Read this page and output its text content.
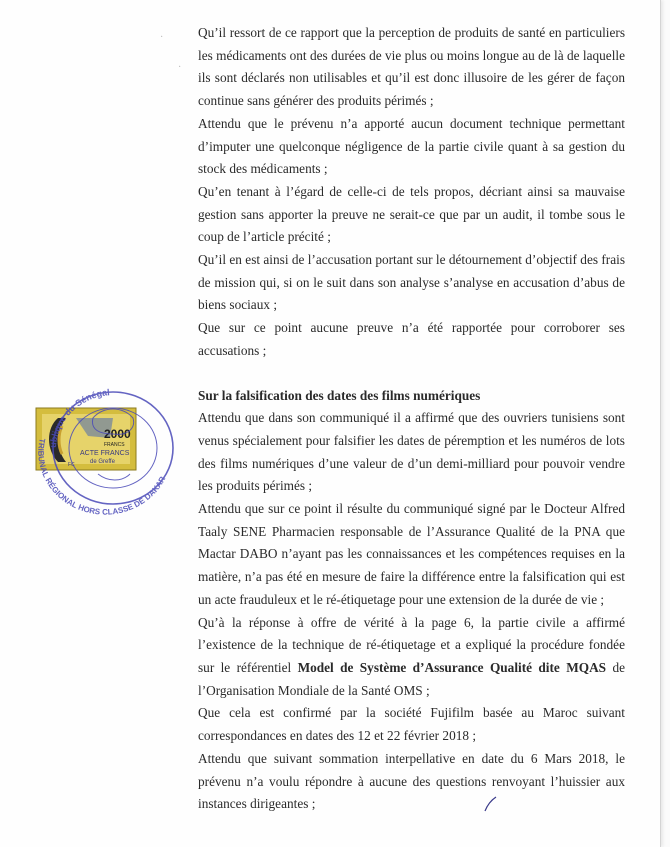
·
·

Qu’il ressort de ce rapport que la perception de produits de santé en particuliers les médicaments ont des durées de vie plus ou moins longue au de là de laquelle ils sont déclarés non utilisables et qu’il est donc illusoire de les gérer de façon continue sans générer des produits périmés ;

Attendu que le prévenu n’a apporté aucun document technique permettant d’imputer une quelconque négligence de la partie civile quant à sa gestion du stock des médicaments ;

Qu’en tenant à l’égard de celle-ci de tels propos, décriant ainsi sa mauvaise gestion sans apporter la preuve ne serait-ce que par un audit, il tombe sous le coup de l’article précité ;

Qu’il en est ainsi de l’accusation portant sur le détournement d’objectif des frais de mission qui, si on le suit dans son analyse s’analyse en accusation d’abus de biens sociaux ;

Que sur ce point aucune preuve n’a été rapportée pour corroborer ses accusations ;

Sur la falsification des dates des films numériques

Attendu que dans son communiqué il a affirmé que des ouvriers tunisiens sont venus spécialement pour falsifier les dates de péremption et les numéros de lots des films numériques d’une valeur de d’un demi-milliard pour pouvoir vendre les produits périmés ;

Attendu que sur ce point il résulte du communiqué signé par le Docteur Alfred Taaly SENE Pharmacien responsable de l’Assurance Qualité de la PNA que Mactar DABO n’ayant pas les connaissances et les compétences requises en la matière, n’a pas été en mesure de faire la différence entre la falsification qui est un acte frauduleux et le ré-étiquetage pour une extension de la durée de vie ;

Qu’à la réponse à offre de vérité à la page 6, la partie civile a affirmé l’existence de la technique de ré-étiquetage et a expliqué la procédure fondée sur le référentiel Model de Système d’Assurance Qualité dite MQAS de l’Organisation Mondiale de la Santé OMS ;

Que cela est confirmé par la société Fujifilm basée au Maroc suivant correspondances en dates des 12 et 22 février 2018 ;

Attendu que suivant sommation interpellative en date du 6 Mars 2018, le prévenu n’a voulu répondre à aucune des questions renvoyant l’huissier aux instances dirigeantes ;

2000
FRANCS
ACTE FRANCS
de Greffe
FC
ublique du Sénégal
TRIBUNAL RÉGIONAL HORS CLASSE DE DAKAR
